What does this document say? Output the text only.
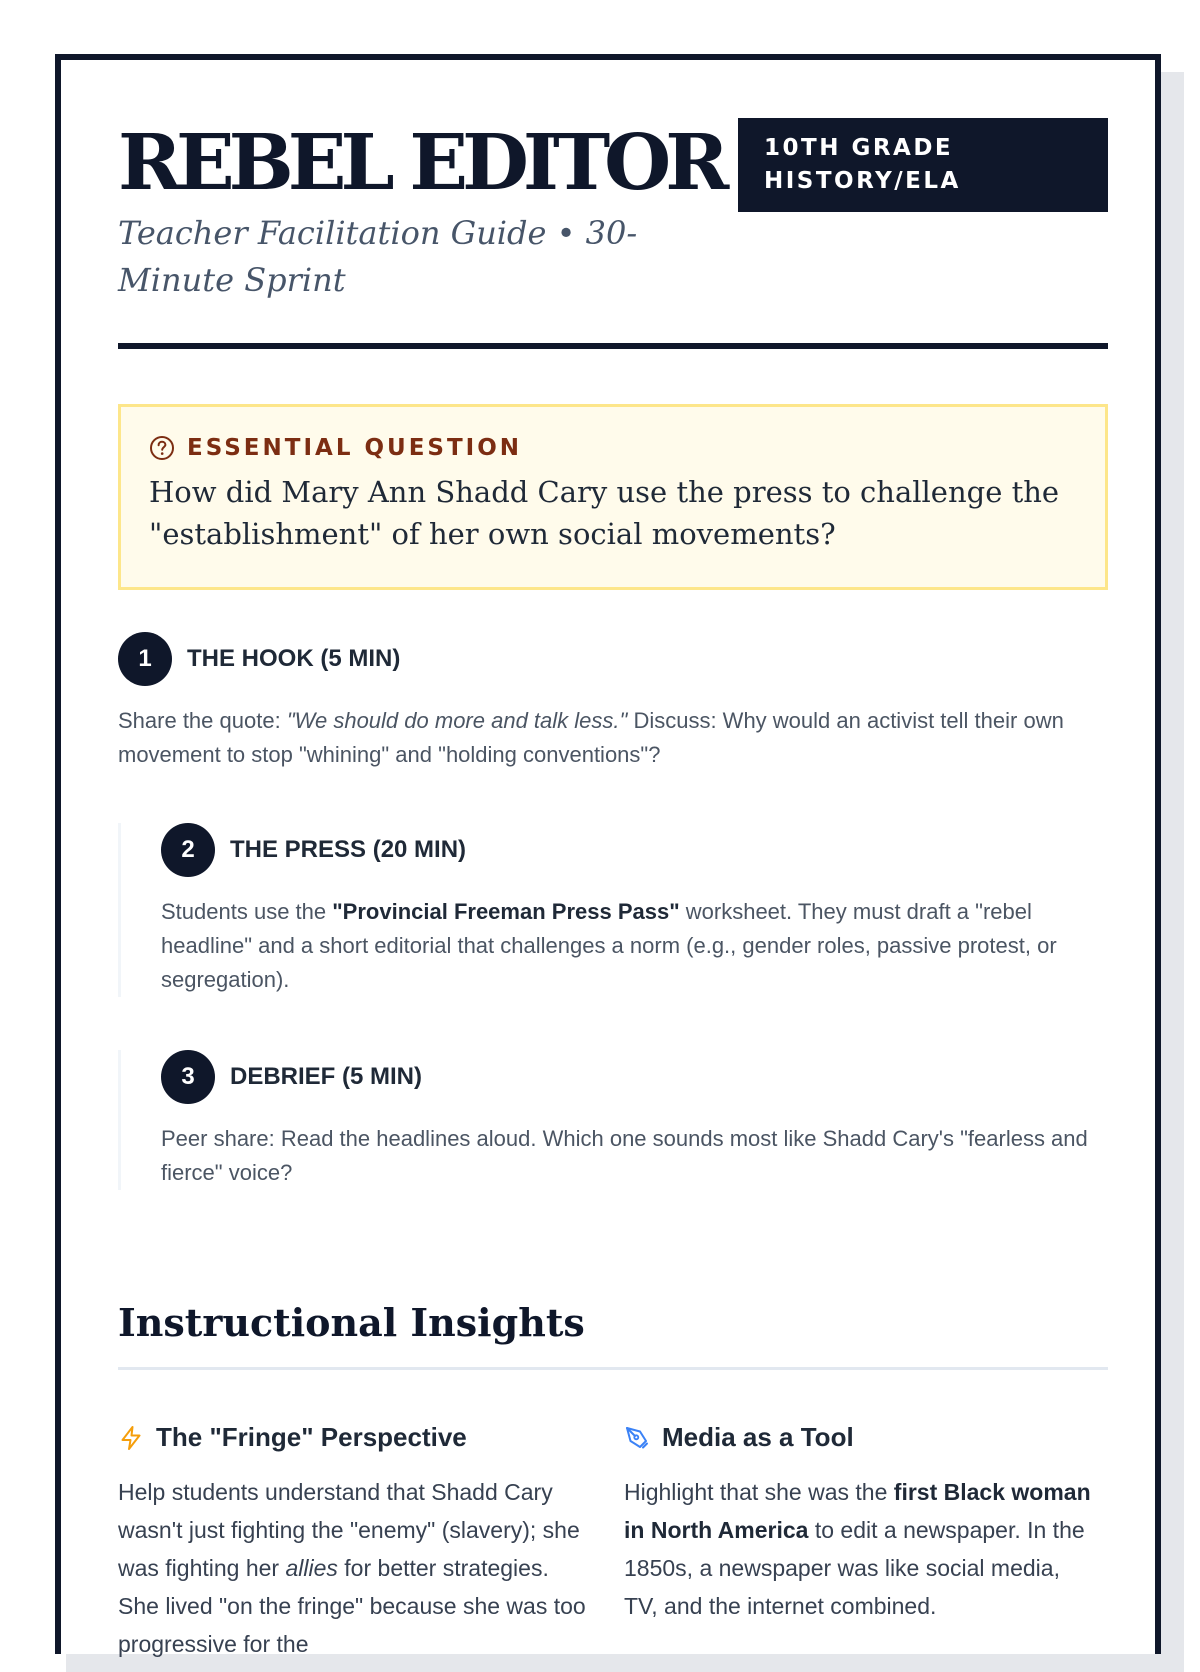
REBEL EDITOR

Teacher Facilitation Guide • 30-Minute Sprint

10TH GRADE HISTORY/ELA
ESSENTIAL QUESTION
How did Mary Ann Shadd Cary use the press to challenge the "establishment" of her own social movements?
1	THE HOOK (5 MIN)
Share the quote: "We should do more and talk less." Discuss: Why would an activist tell their own movement to stop "whining" and "holding conventions"?
2	THE PRESS (20 MIN)
Students use the "Provincial Freeman Press Pass" worksheet. They must draft a "rebel headline" and a short editorial that challenges a norm (e.g., gender roles, passive protest, or segregation).
3	DEBRIEF (5 MIN)
Peer share: Read the headlines aloud. Which one sounds most like Shadd Cary's "fearless and fierce" voice?
Instructional Insights
The "Fringe" Perspective
Help students understand that Shadd Cary wasn't just fighting the "enemy" (slavery); she was fighting her allies for better strategies. She lived "on the fringe" because she was too progressive for the
Media as a Tool
Highlight that she was the first Black woman in North America to edit a newspaper. In the 1850s, a newspaper was like social media, TV, and the internet combined.
